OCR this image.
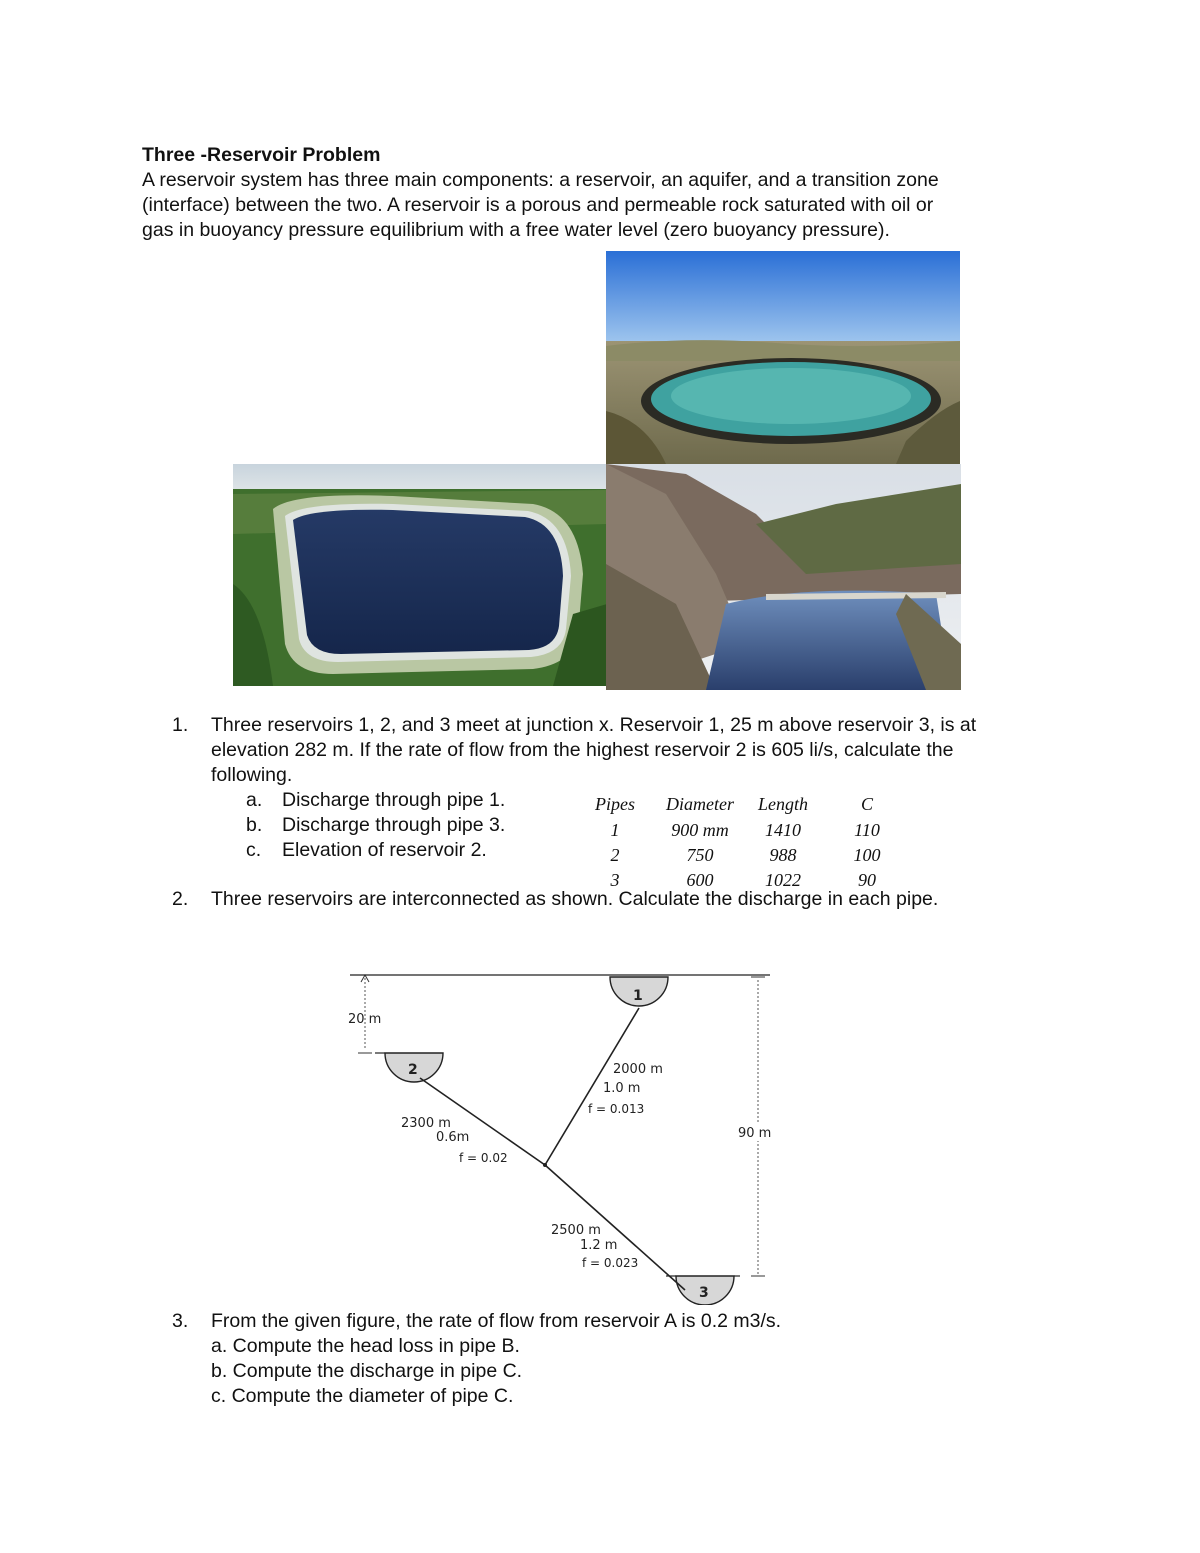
Three -Reservoir Problem
A reservoir system has three main components: a reservoir, an aquifer, and a transition zone
(interface) between the two. A reservoir is a porous and permeable rock saturated with oil or
gas in buoyancy pressure equilibrium with a free water level (zero buoyancy pressure).
1. Three reservoirs 1, 2, and 3 meet at junction x. Reservoir 1, 25 m above reservoir 3, is at
elevation 282 m. If the rate of flow from the highest reservoir 2 is 605 li/s, calculate the
following.
a. Discharge through pipe 1.
b. Discharge through pipe 3.
c. Elevation of reservoir 2.
Pipes	Diameter	Length	C
1	900 mm	1410	110
2	750	988	100
3	600	1022	90
2. Three reservoirs are interconnected as shown. Calculate the discharge in each pipe.
20 m
90 m
1
2
3
2000 m
1.0 m
f = 0.013
2300 m
0.6m
f = 0.02
2500 m
1.2 m
f = 0.023
3. From the given figure, the rate of flow from reservoir A is 0.2 m3/s.
a. Compute the head loss in pipe B.
b. Compute the discharge in pipe C.
c. Compute the diameter of pipe C.
